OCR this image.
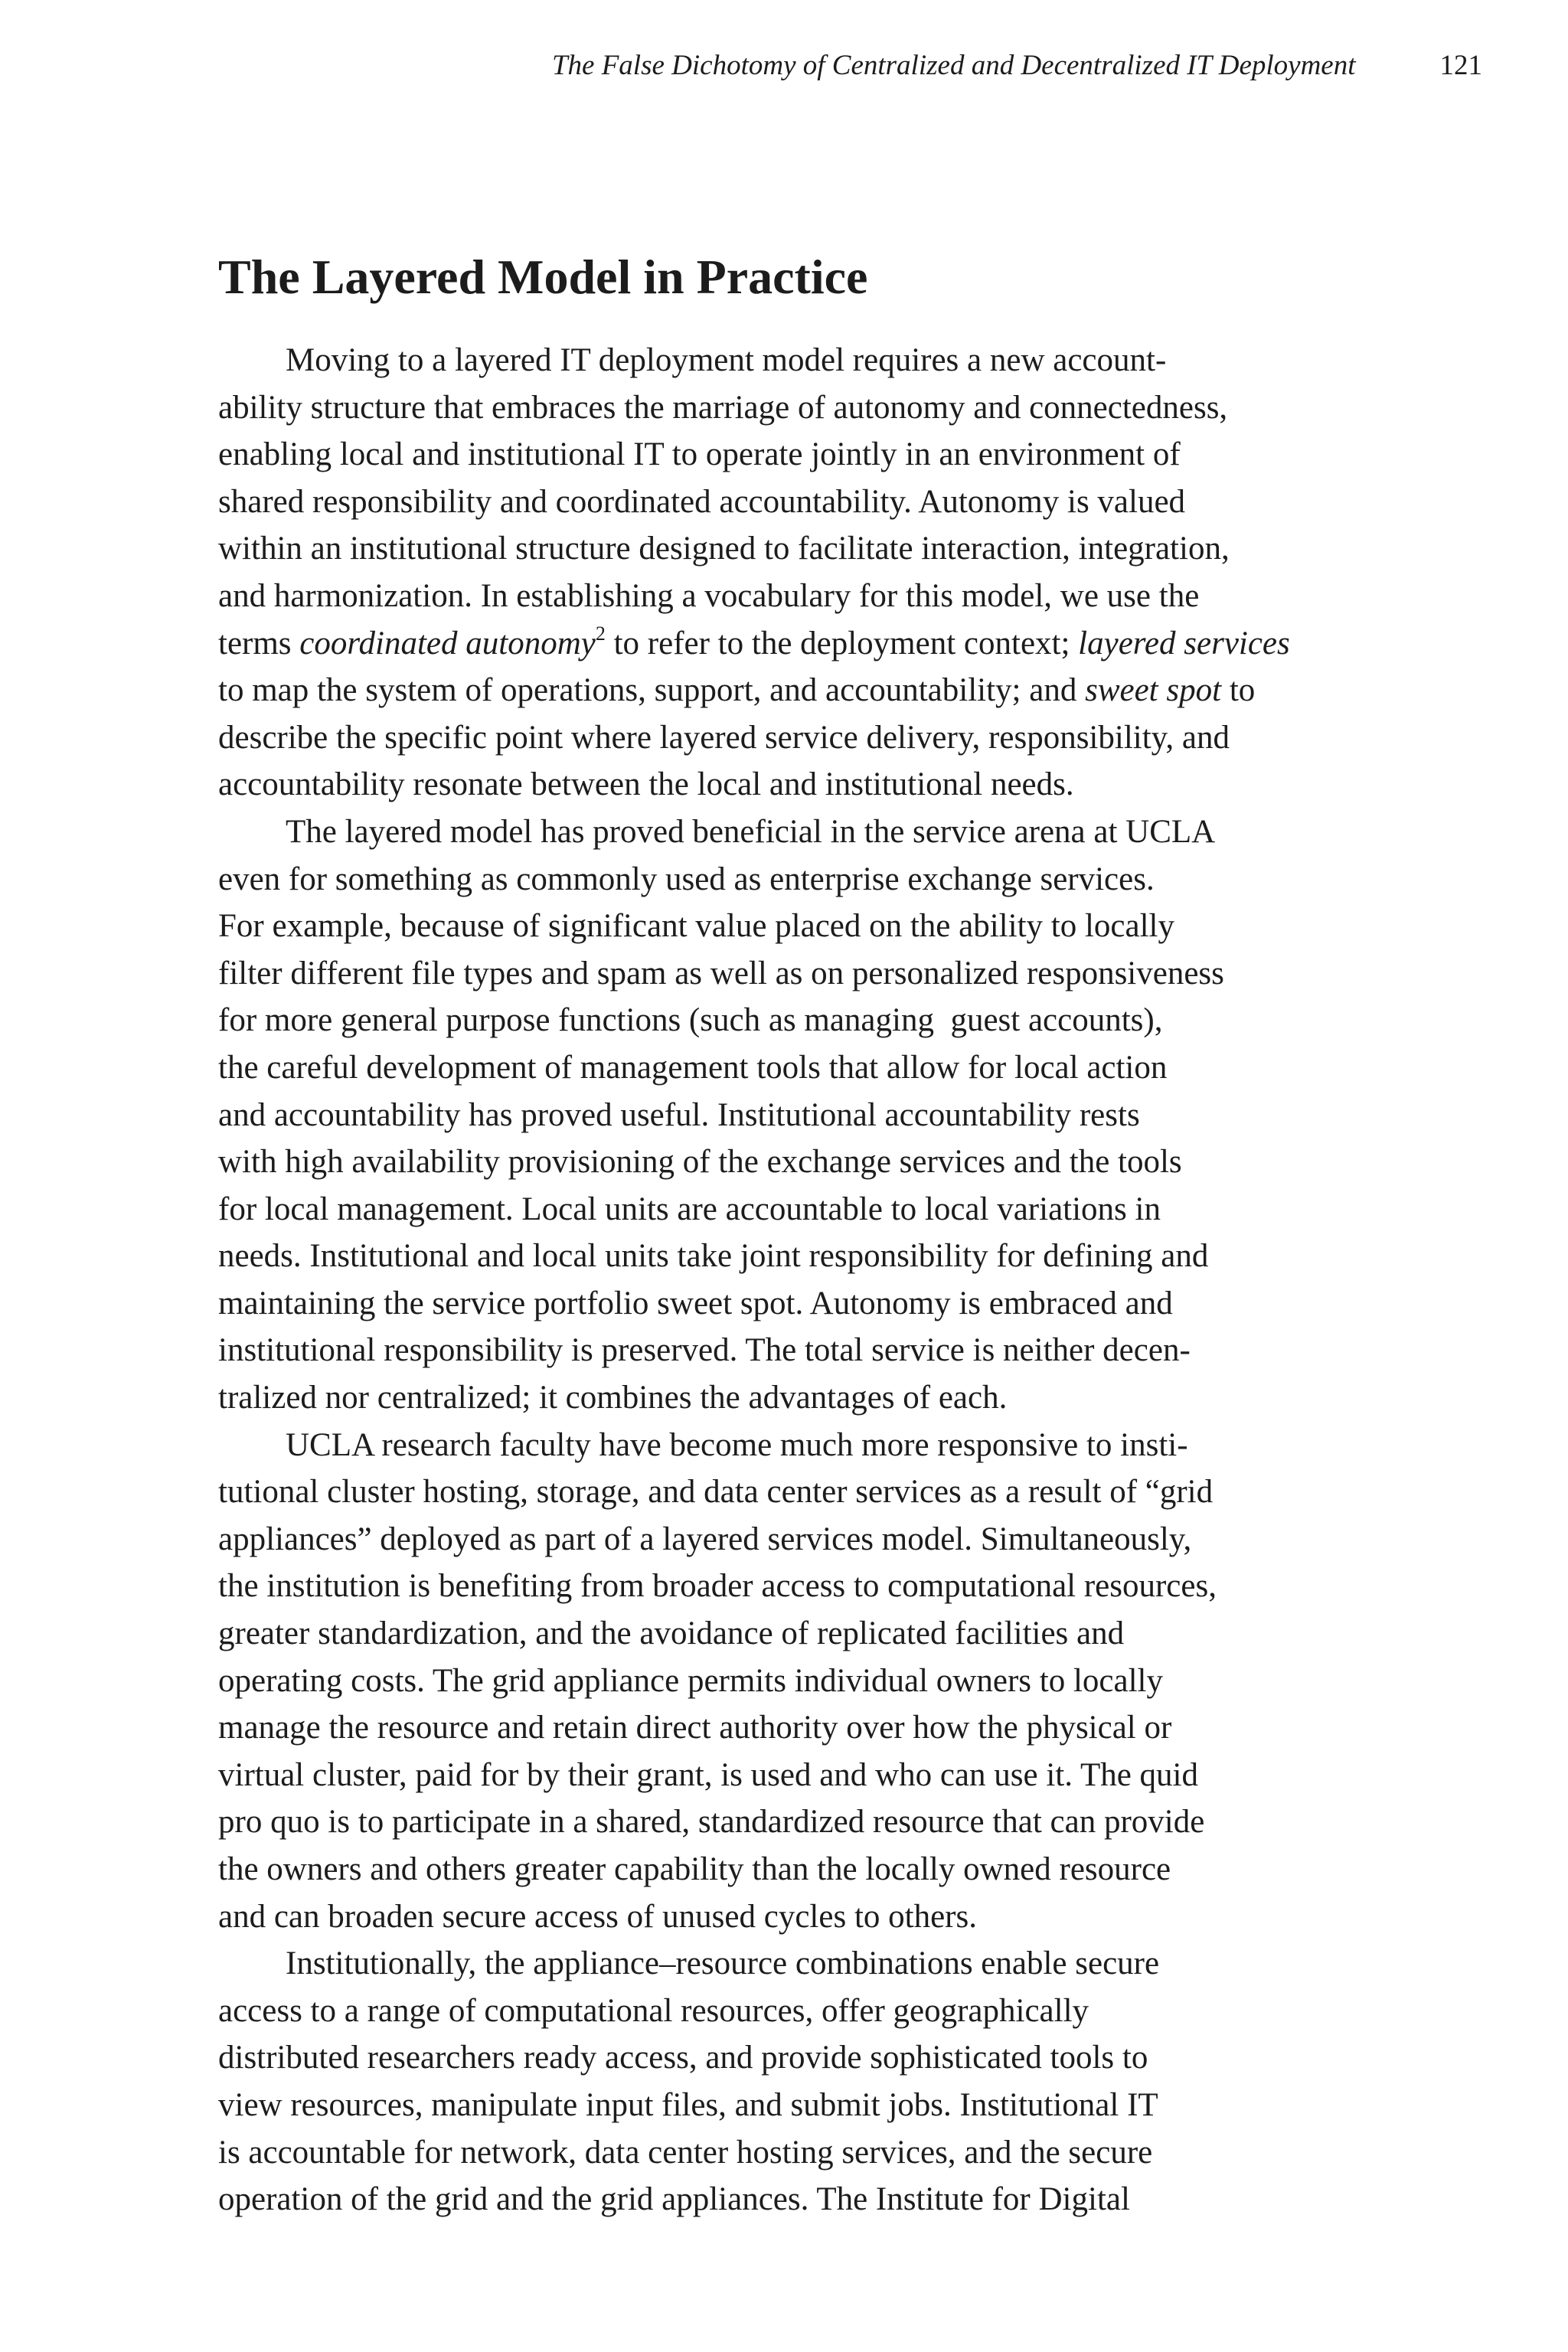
The False Dichotomy of Centralized and Decentralized IT Deployment	121
The Layered Model in Practice
Moving to a layered IT deployment model requires a new account-
ability structure that embraces the marriage of autonomy and connectedness,
enabling local and institutional IT to operate jointly in an environment of
shared responsibility and coordinated accountability. Autonomy is valued
within an institutional structure designed to facilitate interaction, integration,
and harmonization. In establishing a vocabulary for this model, we use the
terms coordinated autonomy$^2$ to refer to the deployment context; layered services
to map the system of operations, support, and accountability; and sweet spot to
describe the specific point where layered service delivery, responsibility, and
accountability resonate between the local and institutional needs.
The layered model has proved beneficial in the service arena at UCLA
even for something as commonly used as enterprise exchange services.
For example, because of significant value placed on the ability to locally
filter different file types and spam as well as on personalized responsiveness
for more general purpose functions (such as managing  guest accounts),
the careful development of management tools that allow for local action
and accountability has proved useful. Institutional accountability rests
with high availability provisioning of the exchange services and the tools
for local management. Local units are accountable to local variations in
needs. Institutional and local units take joint responsibility for defining and
maintaining the service portfolio sweet spot. Autonomy is embraced and
institutional responsibility is preserved. The total service is neither decen-
tralized nor centralized; it combines the advantages of each.
UCLA research faculty have become much more responsive to insti-
tutional cluster hosting, storage, and data center services as a result of “grid
appliances” deployed as part of a layered services model. Simultaneously,
the institution is benefiting from broader access to computational resources,
greater standardization, and the avoidance of replicated facilities and
operating costs. The grid appliance permits individual owners to locally
manage the resource and retain direct authority over how the physical or
virtual cluster, paid for by their grant, is used and who can use it. The quid
pro quo is to participate in a shared, standardized resource that can provide
the owners and others greater capability than the locally owned resource
and can broaden secure access of unused cycles to others.
Institutionally, the appliance–resource combinations enable secure
access to a range of computational resources, offer geographically
distributed researchers ready access, and provide sophisticated tools to
view resources, manipulate input files, and submit jobs. Institutional IT
is accountable for network, data center hosting services, and the secure
operation of the grid and the grid appliances. The Institute for Digital
